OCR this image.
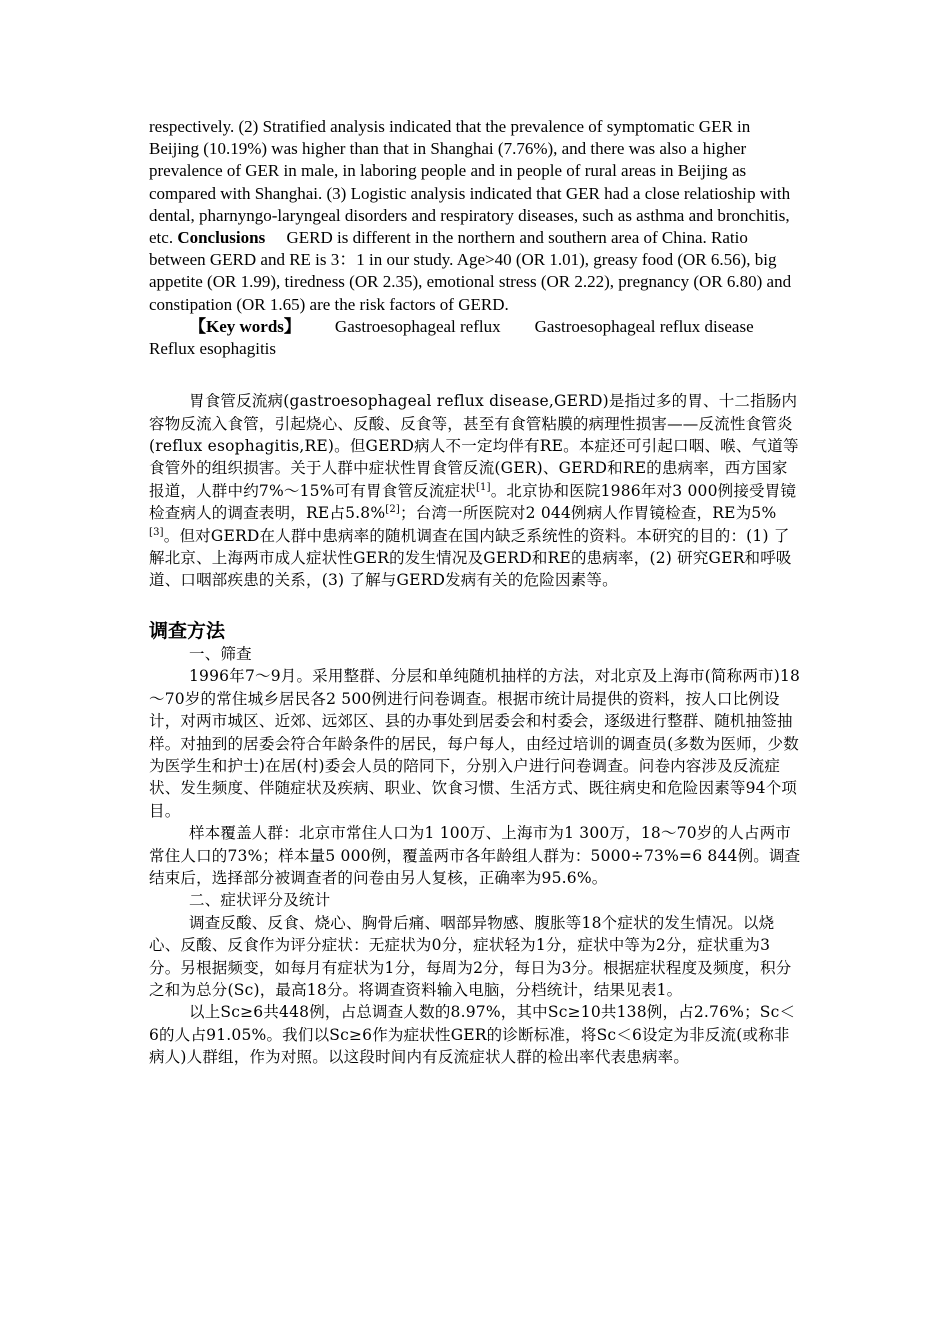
respectively. (2) Stratified analysis indicated that the prevalence of symptomatic GER in Beijing (10.19%) was higher than that in Shanghai (7.76%), and there was also a higher prevalence of GER in male, in laboring people and in people of rural areas in Beijing as compared with Shanghai. (3) Logistic analysis indicated that GER had a close relatioship with dental, pharnyngo-laryngeal disorders and respiratory diseases, such as asthma and bronchitis, etc. Conclusions GERD is different in the northern and southern area of China. Ratio between GERD and RE is 3：1 in our study. Age>40 (OR 1.01), greasy food (OR 6.56), big appetite (OR 1.99), tiredness (OR 2.35), emotional stress (OR 2.22), pregnancy (OR 6.80) and constipation (OR 1.65) are the risk factors of GERD.

【Key words】 Gastroesophageal reflux Gastroesophageal reflux diseaseReflux esophagitis

胃食管反流病(gastroesophageal reflux disease,GERD)是指过多的胃、十二指肠内容物反流入食管，引起烧心、反酸、反食等，甚至有食管粘膜的病理性损害——反流性食管炎(reflux esophagitis,RE)。但GERD病人不一定均伴有RE。本症还可引起口咽、喉、气道等食管外的组织损害。关于人群中症状性胃食管反流(GER)、GERD和RE的患病率，西方国家报道，人群中约7%～15%可有胃食管反流症状[1]。北京协和医院1986年对3 000例接受胃镜检查病人的调查表明，RE占5.8%[2]；台湾一所医院对2 044例病人作胃镜检查，RE为5%[3]。但对GERD在人群中患病率的随机调查在国内缺乏系统性的资料。本研究的目的：(1) 了解北京、上海两市成人症状性GER的发生情况及GERD和RE的患病率，(2) 研究GER和呼吸道、口咽部疾患的关系，(3) 了解与GERD发病有关的危险因素等。

调查方法

一、筛查

1996年7～9月。采用整群、分层和单纯随机抽样的方法，对北京及上海市(简称两市)18～70岁的常住城乡居民各2 500例进行问卷调查。根据市统计局提供的资料，按人口比例设计，对两市城区、近郊、远郊区、县的办事处到居委会和村委会，逐级进行整群、随机抽签抽样。对抽到的居委会符合年龄条件的居民，每户每人，由经过培训的调查员(多数为医师，少数为医学生和护士)在居(村)委会人员的陪同下，分别入户进行问卷调查。问卷内容涉及反流症状、发生频度、伴随症状及疾病、职业、饮食习惯、生活方式、既往病史和危险因素等94个项目。

样本覆盖人群：北京市常住人口为1 100万、上海市为1 300万，18～70岁的人占两市常住人口的73%；样本量5 000例，覆盖两市各年龄组人群为：5000÷73%=6 844例。调查结束后，选择部分被调查者的问卷由另人复核，正确率为95.6%。

二、症状评分及统计

调查反酸、反食、烧心、胸骨后痛、咽部异物感、腹胀等18个症状的发生情况。以烧心、反酸、反食作为评分症状：无症状为0分，症状轻为1分，症状中等为2分，症状重为3分。另根据频变，如每月有症状为1分，每周为2分，每日为3分。根据症状程度及频度，积分之和为总分(Sc)，最高18分。将调查资料输入电脑，分档统计，结果见表1。

以上Sc≥6共448例，占总调查人数的8.97%，其中Sc≥10共138例，占2.76%；Sc＜6的人占91.05%。我们以Sc≥6作为症状性GER的诊断标准，将Sc＜6设定为非反流(或称非病人)人群组，作为对照。以这段时间内有反流症状人群的检出率代表患病率。
